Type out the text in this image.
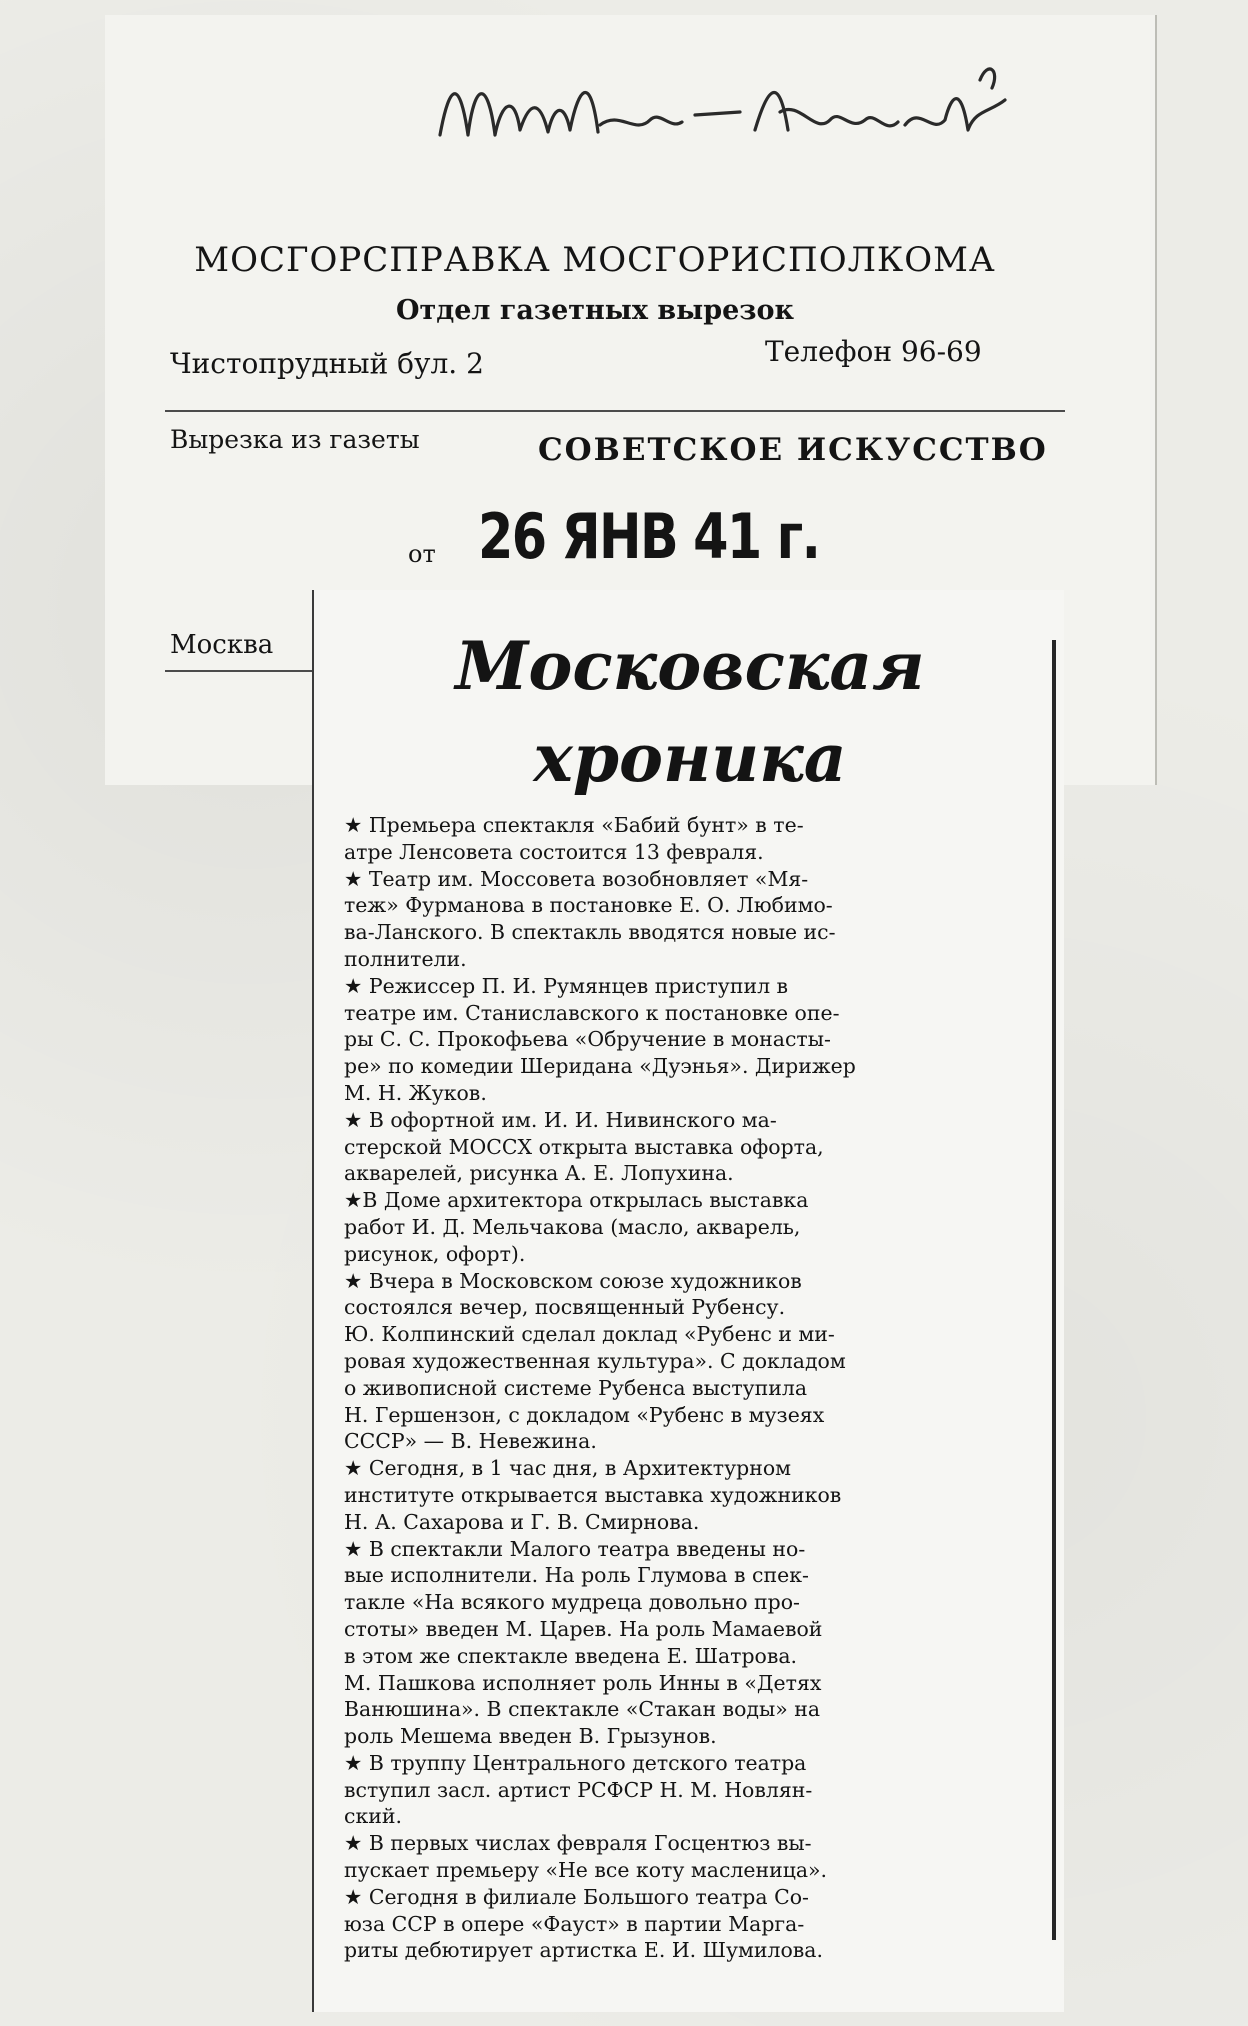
МОСГОРСПРАВКА МОСГОРИСПОЛКОМА
Отдел газетных вырезок
Чистопрудный бул. 2	Телефон 96-69
Вырезка из газеты	СОВЕТСКОЕ ИСКУССТВО
от 26 ЯНВ 41 г.
Москва	Московская
хроника
★ Премьера спектакля «Бабий бунт» в те-
атре Ленсовета состоится 13 февраля.
★ Театр им. Моссовета возобновляет «Мя-
теж» Фурманова в постановке Е. О. Любимо-
ва-Ланского. В спектакль вводятся новые ис-
полнители.
★ Режиссер П. И. Румянцев приступил в
театре им. Станиславского к постановке опе-
ры С. С. Прокофьева «Обручение в монасты-
ре» по комедии Шеридана «Дуэнья». Дирижер
М. Н. Жуков.
★ В офортной им. И. И. Нивинского ма-
стерской МОССХ открыта выставка офорта,
акварелей, рисунка А. Е. Лопухина.
★В Доме архитектора открылась выставка
работ И. Д. Мельчакова (масло, акварель,
рисунок, офорт).
★ Вчера в Московском союзе художников
состоялся вечер, посвященный Рубенсу.
Ю. Колпинский сделал доклад «Рубенс и ми-
ровая художественная культура». С докладом
о живописной системе Рубенса выступила
Н. Гершензон, с докладом «Рубенс в музеях
СССР» — В. Невежина.
★ Сегодня, в 1 час дня, в Архитектурном
институте открывается выставка художников
Н. А. Сахарова и Г. В. Смирнова.
★ В спектакли Малого театра введены но-
вые исполнители. На роль Глумова в спек-
такле «На всякого мудреца довольно про-
стоты» введен М. Царев. На роль Мамаевой
в этом же спектакле введена Е. Шатрова.
М. Пашкова исполняет роль Инны в «Детях
Ванюшина». В спектакле «Стакан воды» на
роль Мешема введен В. Грызунов.
★ В труппу Центрального детского театра
вступил засл. артист РСФСР Н. М. Новлян-
ский.
★ В первых числах февраля Госцентюз вы-
пускает премьеру «Не все коту масленица».
★ Сегодня в филиале Большого театра Со-
юза ССР в опере «Фауст» в партии Марга-
риты дебютирует артистка Е. И. Шумилова.
